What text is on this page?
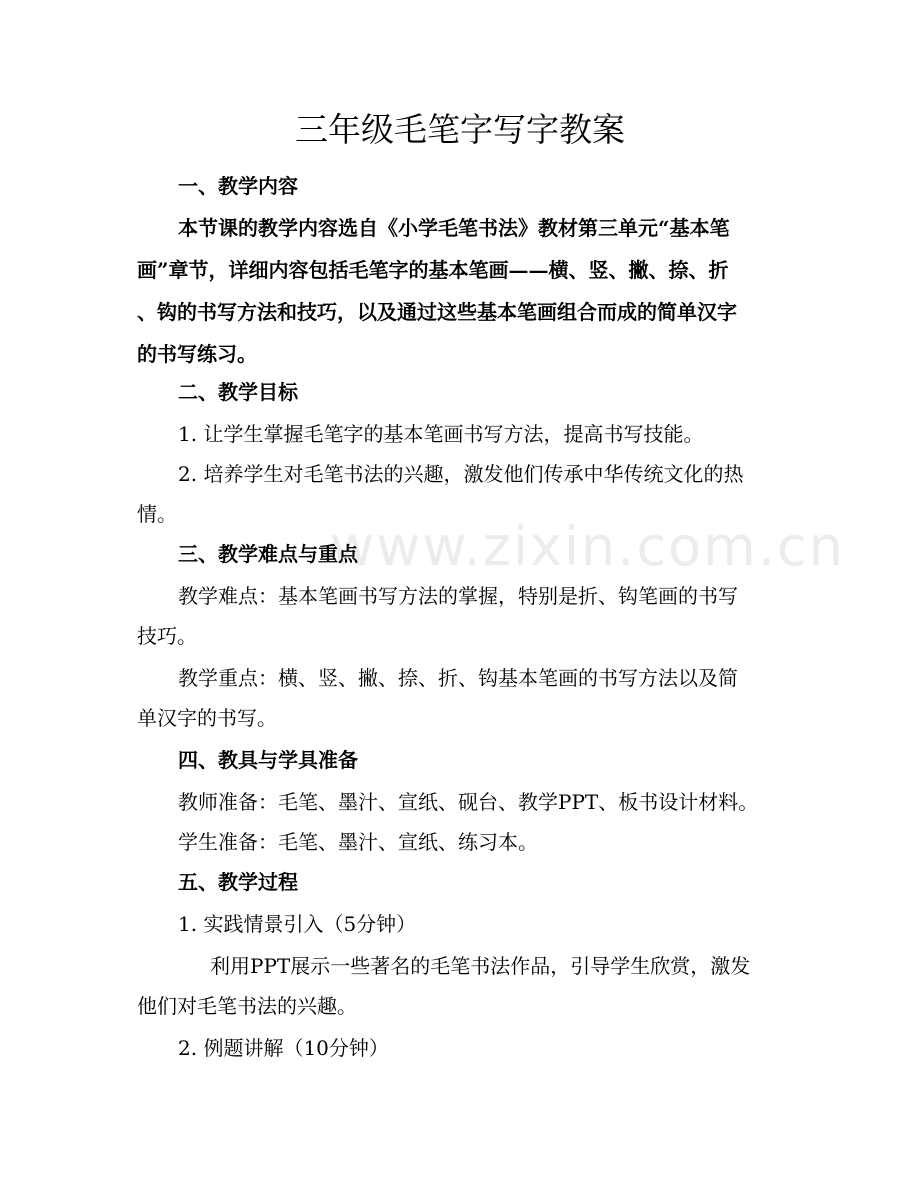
www.zixin.com.cn
三年级毛笔字写字教案
一、教学内容
本节课的教学内容选自《小学毛笔书法》教材第三单元“基本笔
画”章节，详细内容包括毛笔字的基本笔画——横、竖、撇、捺、折
、钩的书写方法和技巧，以及通过这些基本笔画组合而成的简单汉字
的书写练习。
二、教学目标
1. 让学生掌握毛笔字的基本笔画书写方法，提高书写技能。
2. 培养学生对毛笔书法的兴趣，激发他们传承中华传统文化的热
情。
三、教学难点与重点
教学难点：基本笔画书写方法的掌握，特别是折、钩笔画的书写
技巧。
教学重点：横、竖、撇、捺、折、钩基本笔画的书写方法以及简
单汉字的书写。
四、教具与学具准备
教师准备：毛笔、墨汁、宣纸、砚台、教学PPT、板书设计材料。
学生准备：毛笔、墨汁、宣纸、练习本。
五、教学过程
1. 实践情景引入（5分钟）
利用PPT展示一些著名的毛笔书法作品，引导学生欣赏，激发
他们对毛笔书法的兴趣。
2. 例题讲解（10分钟）
